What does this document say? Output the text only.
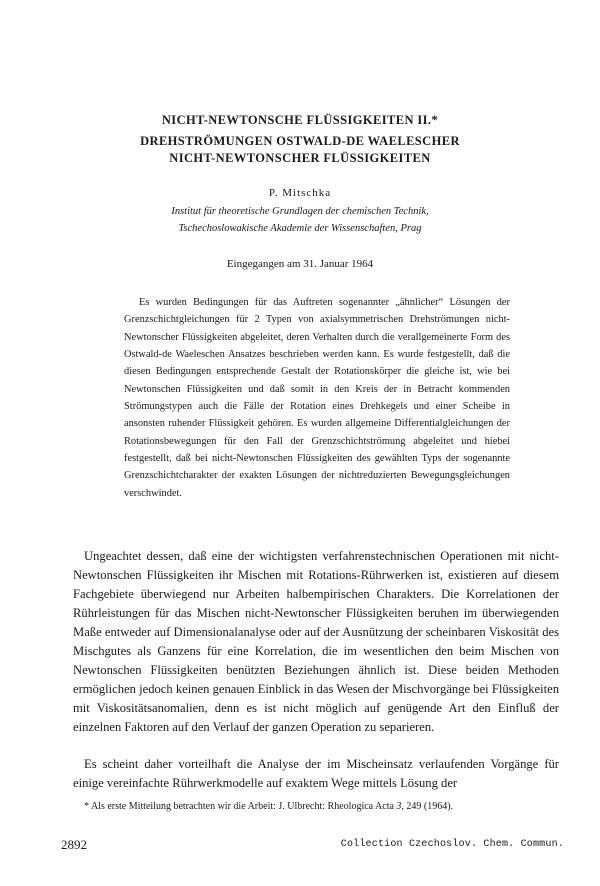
NICHT-NEWTONSCHE FLÜSSIGKEITEN II.*
DREHSTRÖMUNGEN OSTWALD-DE WAELESCHER
NICHT-NEWTONSCHER FLÜSSIGKEITEN
P. Mitschka
Institut für theoretische Grundlagen der chemischen Technik,
Tschechoslowakische Akademie der Wissenschaften, Prag
Eingegangen am 31. Januar 1964

Es wurden Bedingungen für das Auftreten sogenannter „ähnlicher“ Lösungen der Grenzschichtgleichungen für 2 Typen von axialsymmetrischen Drehströmungen nicht-Newtonscher Flüssigkeiten abgeleitet, deren Verhalten durch die verallgemeinerte Form des Ostwald-de Waeleschen Ansatzes beschrieben werden kann. Es wurde festgestellt, daß die diesen Bedingungen entsprechende Gestalt der Rotationskörper die gleiche ist, wie bei Newtonschen Flüssigkeiten und daß somit in den Kreis der in Betracht kommenden Strömungstypen auch die Fälle der Rotation eines Drehkegels und einer Scheibe in ansonsten ruhender Flüssigkeit gehören. Es wurden allgemeine Differentialgleichungen der Rotationsbewegungen für den Fall der Grenzschichtströmung abgeleitet und hiebei festgestellt, daß bei nicht-Newtonschen Flüssigkeiten des gewählten Typs der sogenannte Grenzschichtcharakter der exakten Lösungen der nichtreduzierten Bewegungsgleichungen verschwindet.

Ungeachtet dessen, daß eine der wichtigsten verfahrenstechnischen Operationen mit nicht-Newtonschen Flüssigkeiten ihr Mischen mit Rotations-Rührwerken ist, existieren auf diesem Fachgebiete überwiegend nur Arbeiten halbempirischen Charakters. Die Korrelationen der Rührleistungen für das Mischen nicht-Newtonscher Flüssigkeiten beruhen im überwiegenden Maße entweder auf Dimensionalanalyse oder auf der Ausnützung der scheinbaren Viskosität des Mischgutes als Ganzens für eine Korrelation, die im wesentlichen den beim Mischen von Newtonschen Flüssigkeiten benützten Beziehungen ähnlich ist. Diese beiden Methoden ermöglichen jedoch keinen genauen Einblick in das Wesen der Mischvorgänge bei Flüssigkeiten mit Viskositätsanomalien, denn es ist nicht möglich auf genügende Art den Einfluß der einzelnen Faktoren auf den Verlauf der ganzen Operation zu separieren.

Es scheint daher vorteilhaft die Analyse der im Mischeinsatz verlaufenden Vorgänge für einige vereinfachte Rührwerkmodelle auf exaktem Wege mittels Lösung der

* Als erste Mitteilung betrachten wir die Arbeit: J. Ulbrecht: Rheologica Acta 3, 249 (1964).
2892	Collection Czechoslov. Chem. Commun.
